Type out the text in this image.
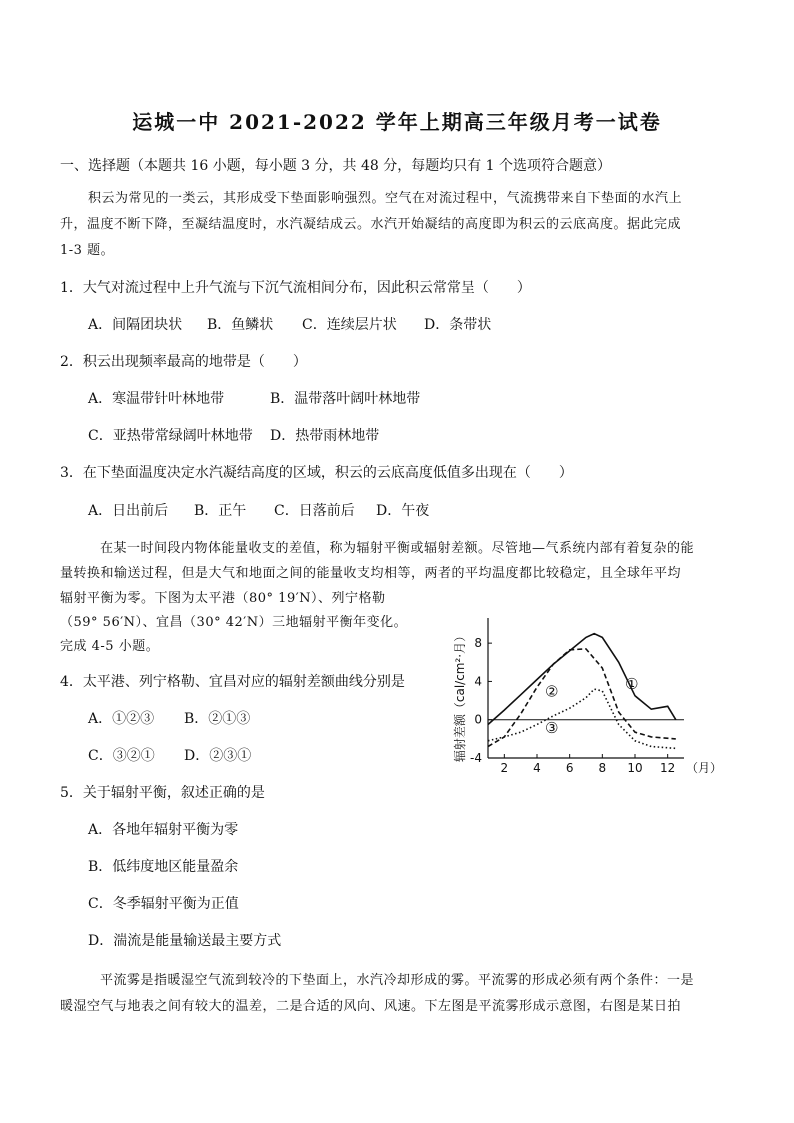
运城一中 2021-2022 学年上期高三年级月考一试卷
一、选择题（本题共 16 小题，每小题 3 分，共 48 分，每题均只有 1 个选项符合题意）
积云为常见的一类云，其形成受下垫面影响强烈。空气在对流过程中，气流携带来自下垫面的水汽上
升，温度不断下降，至凝结温度时，水汽凝结成云。水汽开始凝结的高度即为积云的云底高度。据此完成
1-3 题。
1．大气对流过程中上升气流与下沉气流相间分布，因此积云常常呈（　　）
A．间隔团块状 B．鱼鳞状 C．连续层片状 D．条带状
2．积云出现频率最高的地带是（　　）
A．寒温带针叶林地带	B．温带落叶阔叶林地带
C．亚热带常绿阔叶林地带 D．热带雨林地带
3．在下垫面温度决定水汽凝结高度的区域，积云的云底高度低值多出现在（　　）
A．日出前后 B．正午 C．日落前后 D．午夜
在某一时间段内物体能量收支的差值，称为辐射平衡或辐射差额。尽管地—气系统内部有着复杂的能
量转换和输送过程，但是大气和地面之间的能量收支均相等，两者的平均温度都比较稳定，且全球年平均
辐射平衡为零。下图为太平港（80° 19′N）、列宁格勒
（59° 56′N）、宜昌（30° 42′N）三地辐射平衡年变化。
完成 4-5 小题。
4．太平港、列宁格勒、宜昌对应的辐射差额曲线分别是
A．①②③ B．②①③
C．③②① D．②③①	辐射差额（cal/cm²·月） 8
4
0
-4
2 4 6 8 10 12 （月）
①
②
③
5．关于辐射平衡，叙述正确的是
A．各地年辐射平衡为零
B．低纬度地区能量盈余
C．冬季辐射平衡为正值
D．湍流是能量输送最主要方式
平流雾是指暖湿空气流到较冷的下垫面上，水汽冷却形成的雾。平流雾的形成必须有两个条件：一是
暖湿空气与地表之间有较大的温差，二是合适的风向、风速。下左图是平流雾形成示意图，右图是某日拍
